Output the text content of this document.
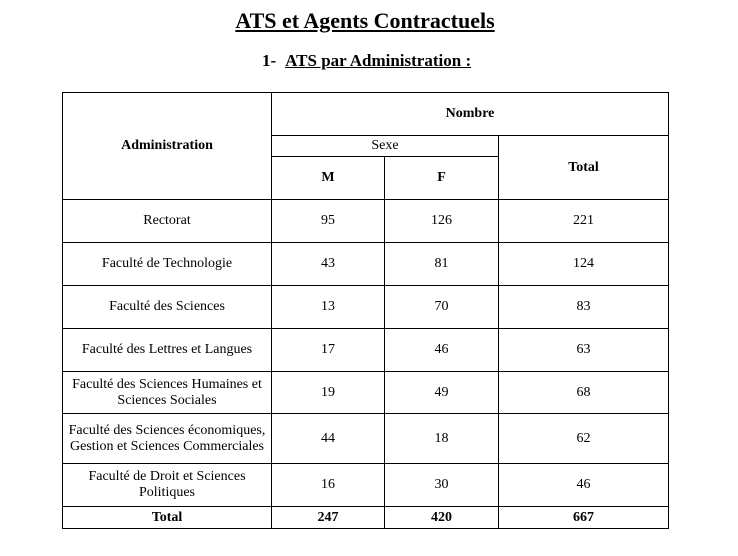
ATS et Agents Contractuels
1- ATS par Administration :
Administration	Nombre		
	Sexe		Total
	M	F	
Rectorat	95	126	221
Faculté de Technologie	43	81	124
Faculté des Sciences	13	70	83
Faculté des Lettres et Langues	17	46	63
Faculté des Sciences Humaines et Sciences Sociales	19	49	68
Faculté des Sciences économiques, Gestion et Sciences Commerciales	44	18	62
Faculté de Droit et Sciences Politiques	16	30	46
Total	247	420	667
